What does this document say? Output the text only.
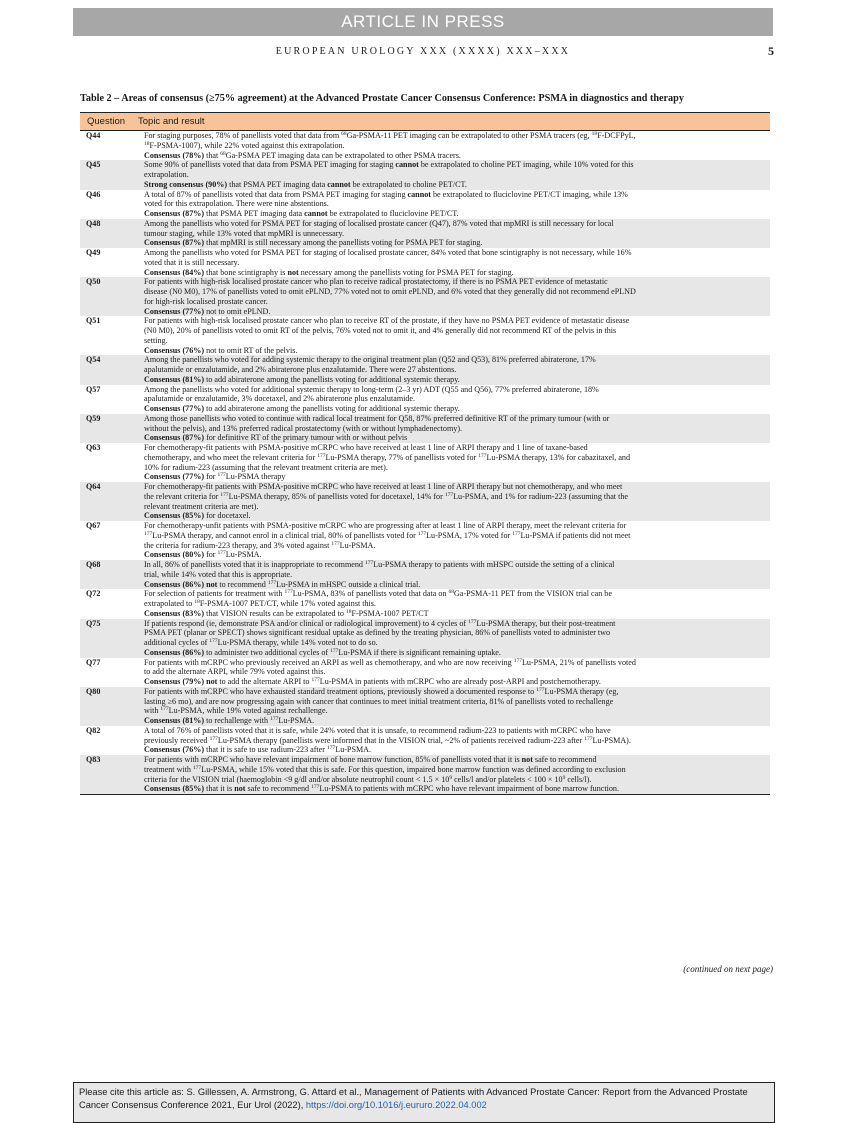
ARTICLE IN PRESS
EUROPEAN UROLOGY XXX (XXXX) XXX–XXX	5
Table 2 – Areas of consensus (≥75% agreement) at the Advanced Prostate Cancer Consensus Conference: PSMA in diagnostics and therapy
Question	Topic and result
Q44	For staging purposes, 78% of panellists voted that data from $^{68}$Ga-PSMA-11 PET imaging can be extrapolated to other PSMA tracers (eg, $^{18}$F-DCFPyL,
$^{18}$F-PSMA-1007), while 22% voted against this extrapolation.
Consensus (78%) that $^{68}$Ga-PSMA PET imaging data can be extrapolated to other PSMA tracers.
Q45	Some 90% of panellists voted that data from PSMA PET imaging for staging cannot be extrapolated to choline PET imaging, while 10% voted for this
extrapolation.
Strong consensus (90%) that PSMA PET imaging data cannot be extrapolated to choline PET/CT.
Q46	A total of 87% of panellists voted that data from PSMA PET imaging for staging cannot be extrapolated to fluciclovine PET/CT imaging, while 13%
voted for this extrapolation. There were nine abstentions.
Consensus (87%) that PSMA PET imaging data cannot be extrapolated to fluciclovine PET/CT.
Q48	Among the panellists who voted for PSMA PET for staging of localised prostate cancer (Q47), 87% voted that mpMRI is still necessary for local
tumour staging, while 13% voted that mpMRI is unnecessary.
Consensus (87%) that mpMRI is still necessary among the panellists voting for PSMA PET for staging.
Q49	Among the panellists who voted for PSMA PET for staging of localised prostate cancer, 84% voted that bone scintigraphy is not necessary, while 16%
voted that it is still necessary.
Consensus (84%) that bone scintigraphy is not necessary among the panellists voting for PSMA PET for staging.
Q50	For patients with high-risk localised prostate cancer who plan to receive radical prostatectomy, if there is no PSMA PET evidence of metastatic
disease (N0 M0), 17% of panellists voted to omit ePLND, 77% voted not to omit ePLND, and 6% voted that they generally did not recommend ePLND
for high-risk localised prostate cancer.
Consensus (77%) not to omit ePLND.
Q51	For patients with high-risk localised prostate cancer who plan to receive RT of the prostate, if they have no PSMA PET evidence of metastatic disease
(N0 M0), 20% of panellists voted to omit RT of the pelvis, 76% voted not to omit it, and 4% generally did not recommend RT of the pelvis in this
setting.
Consensus (76%) not to omit RT of the pelvis.
Q54	Among the panellists who voted for adding systemic therapy to the original treatment plan (Q52 and Q53), 81% preferred abiraterone, 17%
apalutamide or enzalutamide, and 2% abiraterone plus enzalutamide. There were 27 abstentions.
Consensus (81%) to add abiraterone among the panellists voting for additional systemic therapy.
Q57	Among the panellists who voted for additional systemic therapy to long-term (2–3 yr) ADT (Q55 and Q56), 77% preferred abiraterone, 18%
apalutamide or enzalutamide, 3% docetaxel, and 2% abiraterone plus enzalutamide.
Consensus (77%) to add abiraterone among the panellists voting for additional systemic therapy.
Q59	Among those panellists who voted to continue with radical local treatment for Q58, 87% preferred definitive RT of the primary tumour (with or
without the pelvis), and 13% preferred radical prostatectomy (with or without lymphadenectomy).
Consensus (87%) for definitive RT of the primary tumour with or without pelvis
Q63	For chemotherapy-fit patients with PSMA-positive mCRPC who have received at least 1 line of ARPI therapy and 1 line of taxane-based
chemotherapy, and who meet the relevant criteria for $^{177}$Lu-PSMA therapy, 77% of panellists voted for $^{177}$Lu-PSMA therapy, 13% for cabazitaxel, and
10% for radium-223 (assuming that the relevant treatment criteria are met).
Consensus (77%) for $^{177}$Lu-PSMA therapy
Q64	For chemotherapy-fit patients with PSMA-positive mCRPC who have received at least 1 line of ARPI therapy but not chemotherapy, and who meet
the relevant criteria for $^{177}$Lu-PSMA therapy, 85% of panellists voted for docetaxel, 14% for $^{177}$Lu-PSMA, and 1% for radium-223 (assuming that the
relevant treatment criteria are met).
Consensus (85%) for docetaxel.
Q67	For chemotherapy-unfit patients with PSMA-positive mCRPC who are progressing after at least 1 line of ARPI therapy, meet the relevant criteria for
$^{177}$Lu-PSMA therapy, and cannot enrol in a clinical trial, 80% of panellists voted for $^{177}$Lu-PSMA, 17% voted for $^{177}$Lu-PSMA if patients did not meet
the criteria for radium-223 therapy, and 3% voted against $^{177}$Lu-PSMA.
Consensus (80%) for $^{177}$Lu-PSMA.
Q68	In all, 86% of panellists voted that it is inappropriate to recommend $^{177}$Lu-PSMA therapy to patients with mHSPC outside the setting of a clinical
trial, while 14% voted that this is appropriate.
Consensus (86%) not to recommend $^{177}$Lu-PSMA in mHSPC outside a clinical trial.
Q72	For selection of patients for treatment with $^{177}$Lu-PSMA, 83% of panellists voted that data on $^{68}$Ga-PSMA-11 PET from the VISION trial can be
extrapolated to $^{18}$F-PSMA-1007 PET/CT, while 17% voted against this.
Consensus (83%) that VISION results can be extrapolated to $^{18}$F-PSMA-1007 PET/CT
Q75	If patients respond (ie, demonstrate PSA and/or clinical or radiological improvement) to 4 cycles of $^{177}$Lu-PSMA therapy, but their post-treatment
PSMA PET (planar or SPECT) shows significant residual uptake as defined by the treating physician, 86% of panellists voted to administer two
additional cycles of $^{177}$Lu-PSMA therapy, while 14% voted not to do so.
Consensus (86%) to administer two additional cycles of $^{177}$Lu-PSMA if there is significant remaining uptake.
Q77	For patients with mCRPC who previously received an ARPI as well as chemotherapy, and who are now receiving $^{177}$Lu-PSMA, 21% of panellists voted
to add the alternate ARPI, while 79% voted against this.
Consensus (79%) not to add the alternate ARPI to $^{177}$Lu-PSMA in patients with mCRPC who are already post-ARPI and postchemotherapy.
Q80	For patients with mCRPC who have exhausted standard treatment options, previously showed a documented response to $^{177}$Lu-PSMA therapy (eg,
lasting ≥6 mo), and are now progressing again with cancer that continues to meet initial treatment criteria, 81% of panellists voted to rechallenge
with $^{177}$Lu-PSMA, while 19% voted against rechallenge.
Consensus (81%) to rechallenge with $^{177}$Lu-PSMA.
Q82	A total of 76% of panellists voted that it is safe, while 24% voted that it is unsafe, to recommend radium-223 to patients with mCRPC who have
previously received $^{177}$Lu-PSMA therapy (panellists were informed that in the VISION trial, ~2% of patients received radium-223 after $^{177}$Lu-PSMA).
Consensus (76%) that it is safe to use radium-223 after $^{177}$Lu-PSMA.
Q83	For patients with mCRPC who have relevant impairment of bone marrow function, 85% of panellists voted that it is not safe to recommend
treatment with $^{177}$Lu-PSMA, while 15% voted that this is safe. For this question, impaired bone marrow function was defined according to exclusion
criteria for the VISION trial (haemoglobin <9 g/dl and/or absolute neutrophil count < $1.5 \times 10^9$ cells/l and/or platelets < $100 \times 10^9$ cells/l).
Consensus (85%) that it is not safe to recommend $^{177}$Lu-PSMA to patients with mCRPC who have relevant impairment of bone marrow function.
(continued on next page)
Please cite this article as: S. Gillessen, A. Armstrong, G. Attard et al., Management of Patients with Advanced Prostate Cancer: Report from the Advanced Prostate Cancer Consensus Conference 2021, Eur Urol (2022), https://doi.org/10.1016/j.eururo.2022.04.002
